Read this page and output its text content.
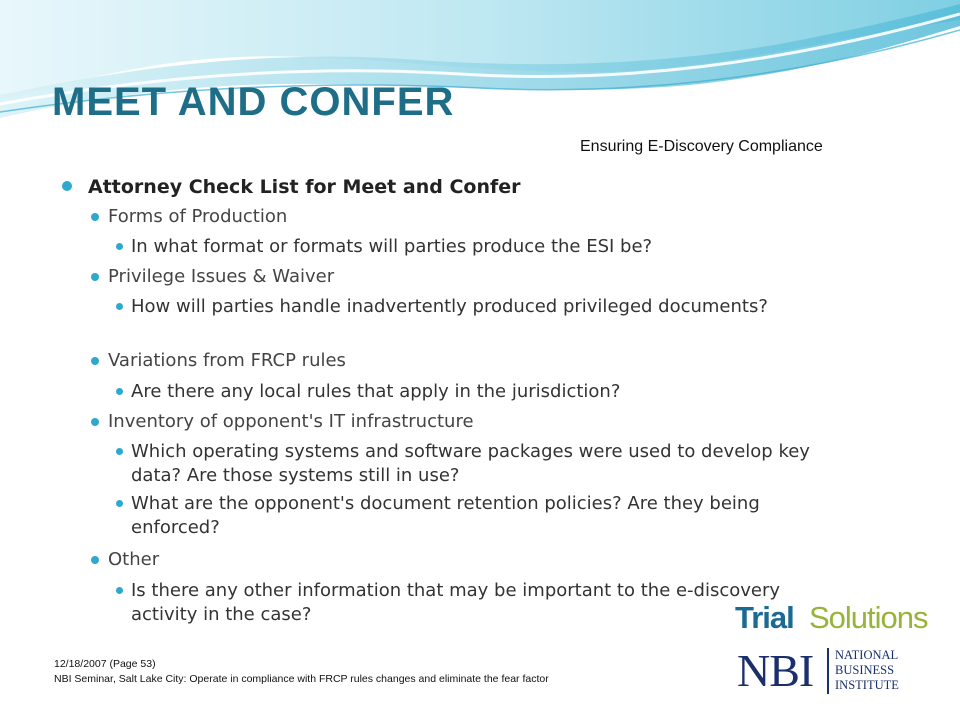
MEET AND CONFER
Ensuring E-Discovery Compliance
Attorney Check List for Meet and Confer
Forms of Production
In what format or formats will parties produce the ESI be?
Privilege Issues & Waiver
How will parties handle inadvertently produced privileged documents?
Variations from FRCP rules
Are there any local rules that apply in the jurisdiction?
Inventory of opponent's IT infrastructure
Which operating systems and software packages were used to develop key data? Are those systems still in use?
What are the opponent's document retention policies? Are they being enforced?
Other
Is there any other information that may be important to the e-discovery activity in the case?
12/18/2007 (Page 53)
NBI Seminar, Salt Lake City: Operate in compliance with FRCP rules changes and eliminate the fear factor
Trial Solutions
NBI NATIONAL
BUSINESS
INSTITUTE
